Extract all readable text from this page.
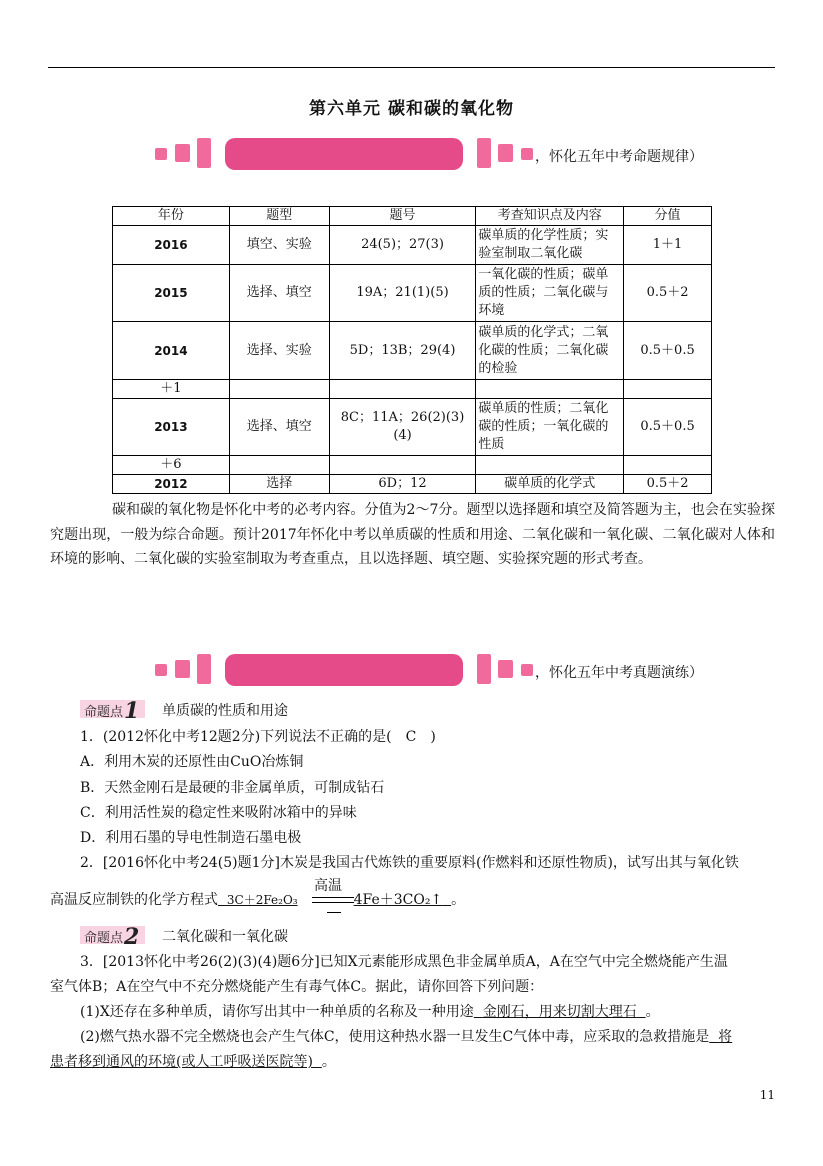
第六单元 碳和碳的氧化物
，怀化五年中考命题规律）
年份	题型	题号	考查知识点及内容	分值
2016	填空、实验	24(5)；27(3)	碳单质的化学性质；实验室制取二氧化碳	1＋1
2015	选择、填空	19A；21(1)(5)	一氧化碳的性质；碳单质的性质；二氧化碳与环境	0.5＋2
2014	选择、实验	5D；13B；29(4)	碳单质的化学式；二氧化碳的性质；二氧化碳的检验	0.5＋0.5
＋1				
2013	选择、填空	8C；11A；26(2)(3)(4)	碳单质的性质；二氧化碳的性质；一氧化碳的性质	0.5＋0.5
＋6				
2012	选择	6D；12	碳单质的化学式	0.5＋2
碳和碳的氧化物是怀化中考的必考内容。分值为2～7分。题型以选择题和填空及简答题为主，也会在实验探究题出现，一般为综合命题。预计2017年怀化中考以单质碳的性质和用途、二氧化碳和一氧化碳、二氧化碳对人体和环境的影响、二氧化碳的实验室制取为考查重点，且以选择题、填空题、实验探究题的形式考查。
，怀化五年中考真题演练）
命题点1	单质碳的性质和用途
1．(2012怀化中考12题2分)下列说法不正确的是(　C　)
A．利用木炭的还原性由CuO冶炼铜
B．天然金刚石是最硬的非金属单质，可制成钻石
C．利用活性炭的稳定性来吸附冰箱中的异味
D．利用石墨的导电性制造石墨电极
2．[2016怀化中考24(5)题1分]木炭是我国古代炼铁的重要原料(作燃料和还原性物质)，试写出其与氧化铁
高温反应制铁的化学方程式 3C＋2Fe₂O₃	4Fe＋3CO₂↑ 。
高温
命题点2	二氧化碳和一氧化碳
3．[2013怀化中考26(2)(3)(4)题6分]已知X元素能形成黑色非金属单质A，A在空气中完全燃烧能产生温
室气体B；A在空气中不充分燃烧能产生有毒气体C。据此，请你回答下列问题：
(1)X还存在多种单质，请你写出其中一种单质的名称及一种用途 金刚石，用来切割大理石 。
(2)燃气热水器不完全燃烧也会产生气体C，使用这种热水器一旦发生C气体中毒，应采取的急救措施是 将
患者移到通风的环境(或人工呼吸送医院等) 。
11
